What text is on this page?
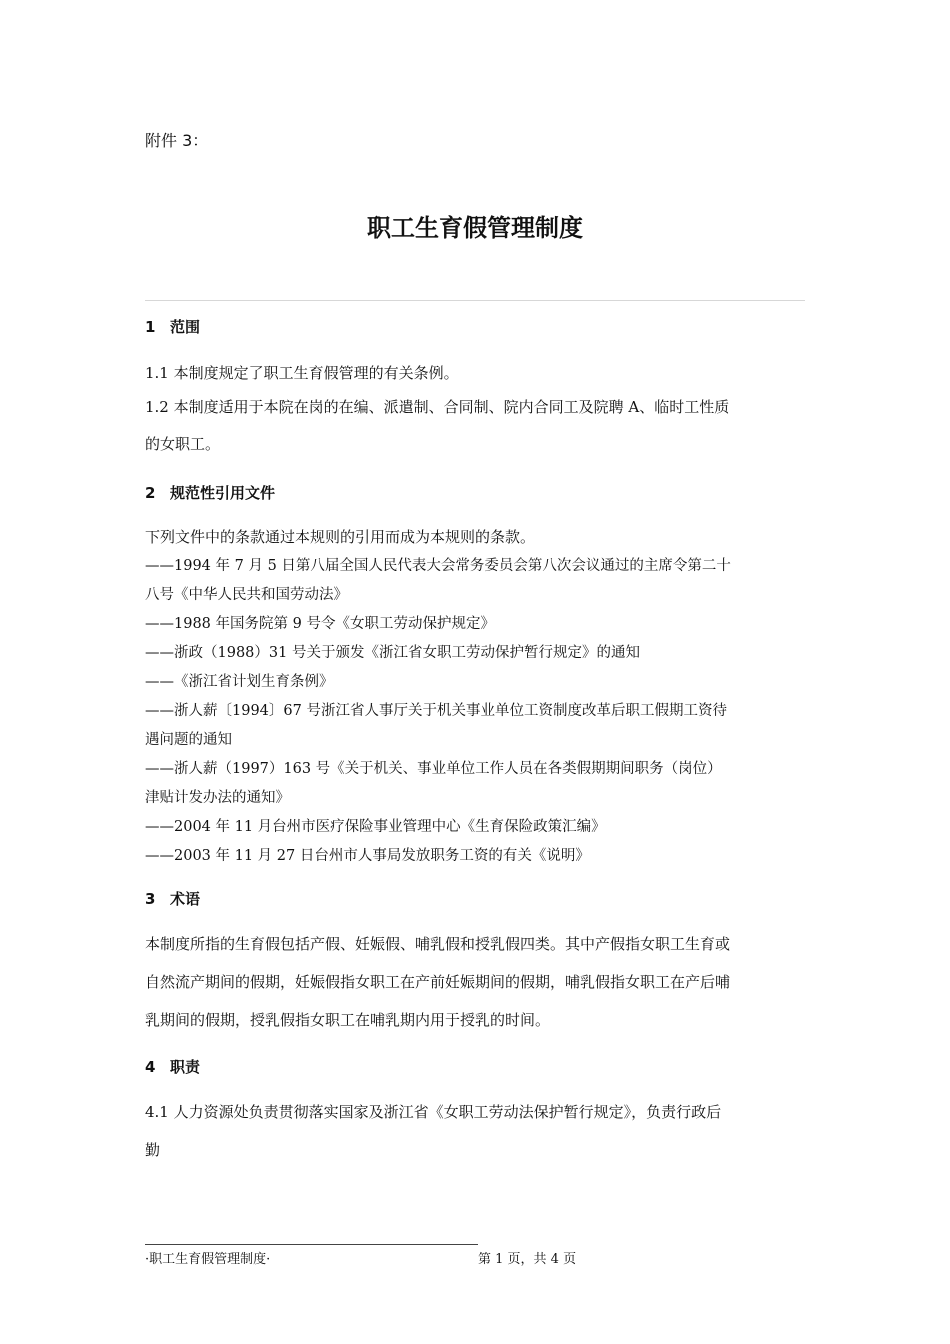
附件 3：
职工生育假管理制度
1 范围
1.1 本制度规定了职工生育假管理的有关条例。
1.2 本制度适用于本院在岗的在编、派遣制、合同制、院内合同工及院聘 A、临时工性质
的女职工。
2 规范性引用文件
下列文件中的条款通过本规则的引用而成为本规则的条款。
——1994 年 7 月 5 日第八届全国人民代表大会常务委员会第八次会议通过的主席令第二十
八号《中华人民共和国劳动法》
——1988 年国务院第 9 号令《女职工劳动保护规定》
——浙政（1988）31 号关于颁发《浙江省女职工劳动保护暂行规定》的通知
——《浙江省计划生育条例》
——浙人薪〔1994〕67 号浙江省人事厅关于机关事业单位工资制度改革后职工假期工资待
遇问题的通知
——浙人薪（1997）163 号《关于机关、事业单位工作人员在各类假期期间职务（岗位）
津贴计发办法的通知》
——2004 年 11 月台州市医疗保险事业管理中心《生育保险政策汇编》
——2003 年 11 月 27 日台州市人事局发放职务工资的有关《说明》
3 术语
本制度所指的生育假包括产假、妊娠假、哺乳假和授乳假四类。其中产假指女职工生育或
自然流产期间的假期，妊娠假指女职工在产前妊娠期间的假期，哺乳假指女职工在产后哺
乳期间的假期，授乳假指女职工在哺乳期内用于授乳的时间。
4 职责
4.1 人力资源处负责贯彻落实国家及浙江省《女职工劳动法保护暂行规定》，负责行政后
勤
·职工生育假管理制度·	第 1 页，共 4 页
